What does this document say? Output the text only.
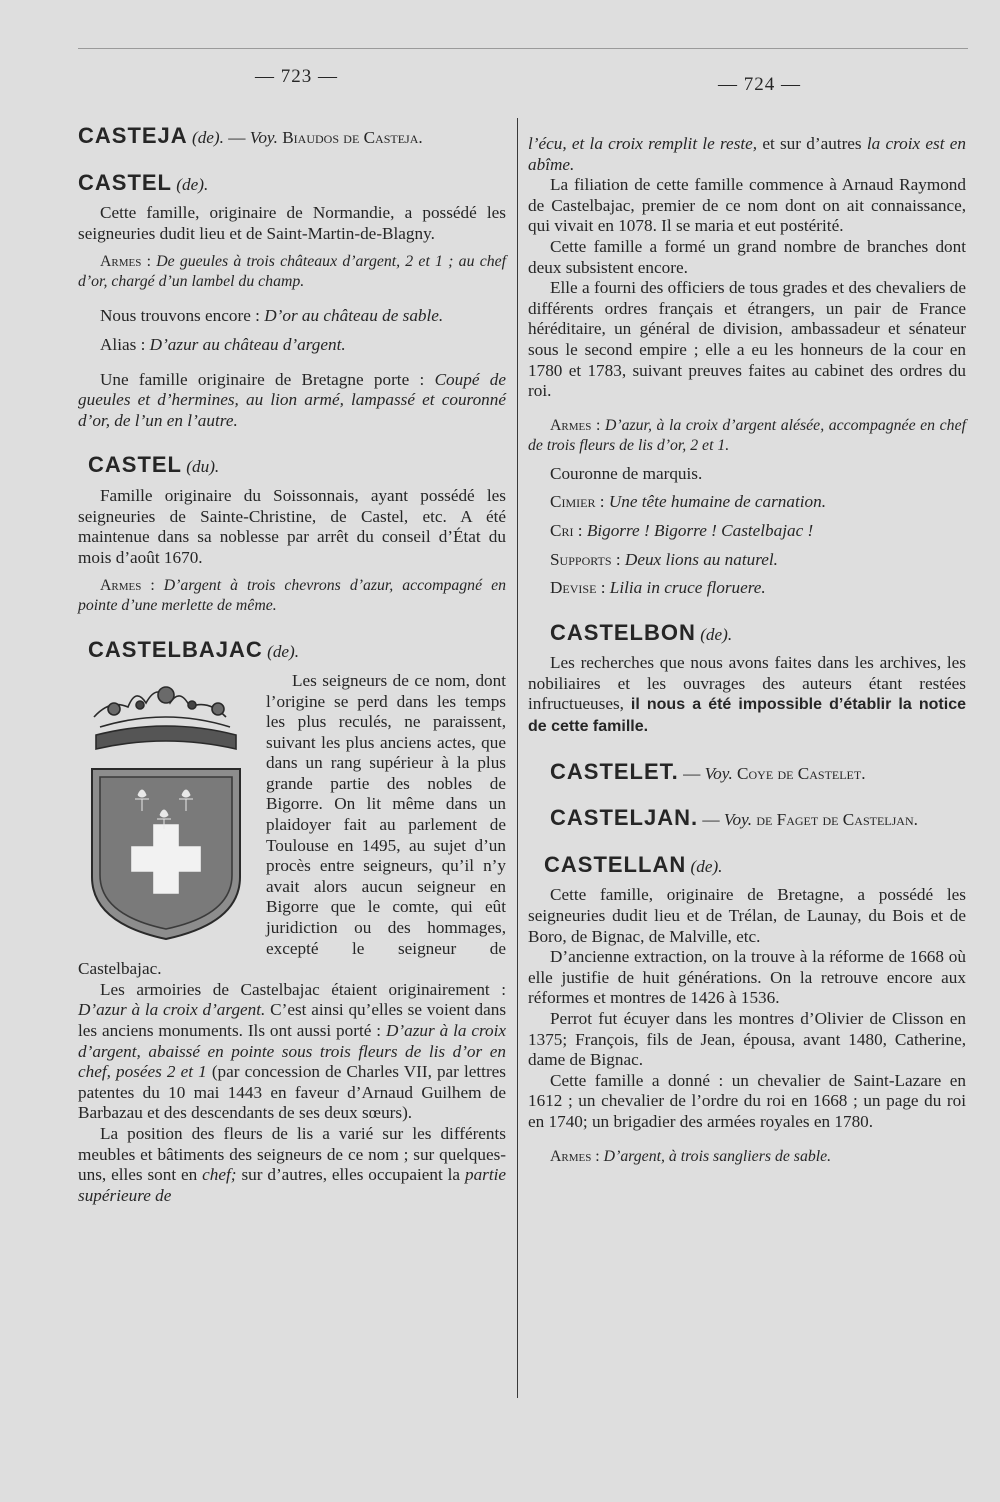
— 723 —	— 724 —

CASTEJA (de). — Voy. Biaudos de Casteja.

CASTEL (de).

Cette famille, originaire de Normandie, a possédé les seigneuries dudit lieu et de Saint-Martin-de-Blagny.

Armes : De gueules à trois châteaux d’argent, 2 et 1 ; au chef d’or, chargé d’un lambel du champ.

Nous trouvons encore : D’or au château de sable.

Alias : D’azur au château d’argent.

Une famille originaire de Bretagne porte : Coupé de gueules et d’hermines, au lion armé, lampassé et couronné d’or, de l’un en l’autre.

CASTEL (du).

Famille originaire du Soissonnais, ayant possédé les seigneuries de Sainte-Christine, de Castel, etc. A été maintenue dans sa noblesse par arrêt du conseil d’État du mois d’août 1670.

Armes : D’argent à trois chevrons d’azur, accompagné en pointe d’une merlette de même.

CASTELBAJAC (de).

Les seigneurs de ce nom, dont l’origine se perd dans les temps les plus reculés, ne paraissent, suivant les plus anciens actes, que dans un rang supérieur à la plus grande partie des nobles de Bigorre. On lit même dans un plaidoyer fait au parlement de Toulouse en 1495, au sujet d’un procès entre seigneurs, qu’il n’y avait alors aucun seigneur en Bigorre que le comte, qui eût juridiction ou des hommages, excepté le seigneur de Castelbajac.

Les armoiries de Castelbajac étaient originairement : D’azur à la croix d’argent. C’est ainsi qu’elles se voient dans les anciens monuments. Ils ont aussi porté : D’azur à la croix d’argent, abaissé en pointe sous trois fleurs de lis d’or en chef, posées 2 et 1 (par concession de Charles VII, par lettres patentes du 10 mai 1443 en faveur d’Arnaud Guilhem de Barbazau et des descendants de ses deux sœurs).

La position des fleurs de lis a varié sur les différents meubles et bâtiments des seigneurs de ce nom ; sur quelques-uns, elles sont en chef; sur d’autres, elles occupaient la partie supérieure de

l’écu, et la croix remplit le reste, et sur d’autres la croix est en abîme.

La filiation de cette famille commence à Arnaud Raymond de Castelbajac, premier de ce nom dont on ait connaissance, qui vivait en 1078. Il se maria et eut postérité.

Cette famille a formé un grand nombre de branches dont deux subsistent encore.

Elle a fourni des officiers de tous grades et des chevaliers de différents ordres français et étrangers, un pair de France héréditaire, un général de division, ambassadeur et sénateur sous le second empire ; elle a eu les honneurs de la cour en 1780 et 1783, suivant preuves faites au cabinet des ordres du roi.

Armes : D’azur, à la croix d’argent alésée, accompagnée en chef de trois fleurs de lis d’or, 2 et 1.

Couronne de marquis.

Cimier : Une tête humaine de carnation.

Cri : Bigorre ! Bigorre ! Castelbajac !

Supports : Deux lions au naturel.

Devise : Lilia in cruce floruere.

CASTELBON (de).

Les recherches que nous avons faites dans les archives, les nobiliaires et les ouvrages des auteurs étant restées infructueuses, il nous a été impossible d’établir la notice de cette famille.

CASTELET. — Voy. Coye de Castelet.

CASTELJAN. — Voy. de Faget de Casteljan.

CASTELLAN (de).

Cette famille, originaire de Bretagne, a possédé les seigneuries dudit lieu et de Trélan, de Launay, du Bois et de Boro, de Bignac, de Malville, etc.

D’ancienne extraction, on la trouve à la réforme de 1668 où elle justifie de huit générations. On la retrouve encore aux réformes et montres de 1426 à 1536.

Perrot fut écuyer dans les montres d’Olivier de Clisson en 1375; François, fils de Jean, épousa, avant 1480, Catherine, dame de Bignac.

Cette famille a donné : un chevalier de Saint-Lazare en 1612 ; un chevalier de l’ordre du roi en 1668 ; un page du roi en 1740; un brigadier des armées royales en 1780.

Armes : D’argent, à trois sangliers de sable.
